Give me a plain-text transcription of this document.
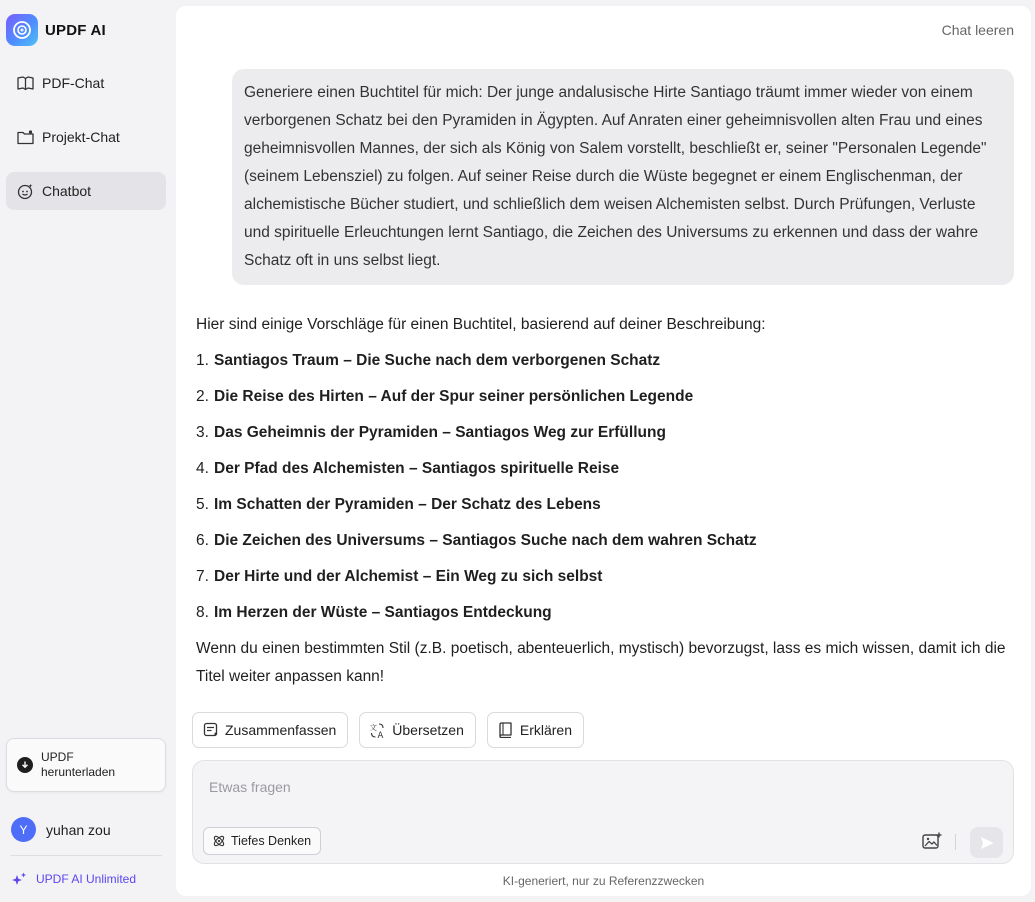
UPDF AI
PDF-Chat
Projekt-Chat
Chatbot
UPDF herunterladen
Y	yuhan zou
UPDF AI Unlimited
Chat leeren
Generiere einen Buchtitel für mich: Der junge andalusische Hirte Santiago träumt immer wieder von einem verborgenen Schatz bei den Pyramiden in Ägypten. Auf Anraten einer geheimnisvollen alten Frau und eines geheimnisvollen Mannes, der sich als König von Salem vorstellt, beschließt er, seiner "Personalen Legende" (seinem Lebensziel) zu folgen. Auf seiner Reise durch die Wüste begegnet er einem Englischenman, der alchemistische Bücher studiert, und schließlich dem weisen Alchemisten selbst. Durch Prüfungen, Verluste und spirituelle Erleuchtungen lernt Santiago, die Zeichen des Universums zu erkennen und dass der wahre Schatz oft in uns selbst liegt.

Hier sind einige Vorschläge für einen Buchtitel, basierend auf deiner Beschreibung:

1. Santiagos Traum – Die Suche nach dem verborgenen Schatz
2. Die Reise des Hirten – Auf der Spur seiner persönlichen Legende
3. Das Geheimnis der Pyramiden – Santiagos Weg zur Erfüllung
4. Der Pfad des Alchemisten – Santiagos spirituelle Reise
5. Im Schatten der Pyramiden – Der Schatz des Lebens
6. Die Zeichen des Universums – Santiagos Suche nach dem wahren Schatz
7. Der Hirte und der Alchemist – Ein Weg zu sich selbst
8. Im Herzen der Wüste – Santiagos Entdeckung

Wenn du einen bestimmten Stil (z.B. poetisch, abenteuerlich, mystisch) bevorzugst, lass es mich wissen, damit ich die Titel weiter anpassen kann!

Zusammenfassen	文
A Übersetzen	Erklären
Etwas fragen
Tiefes Denken
KI-generiert, nur zu Referenzzwecken
